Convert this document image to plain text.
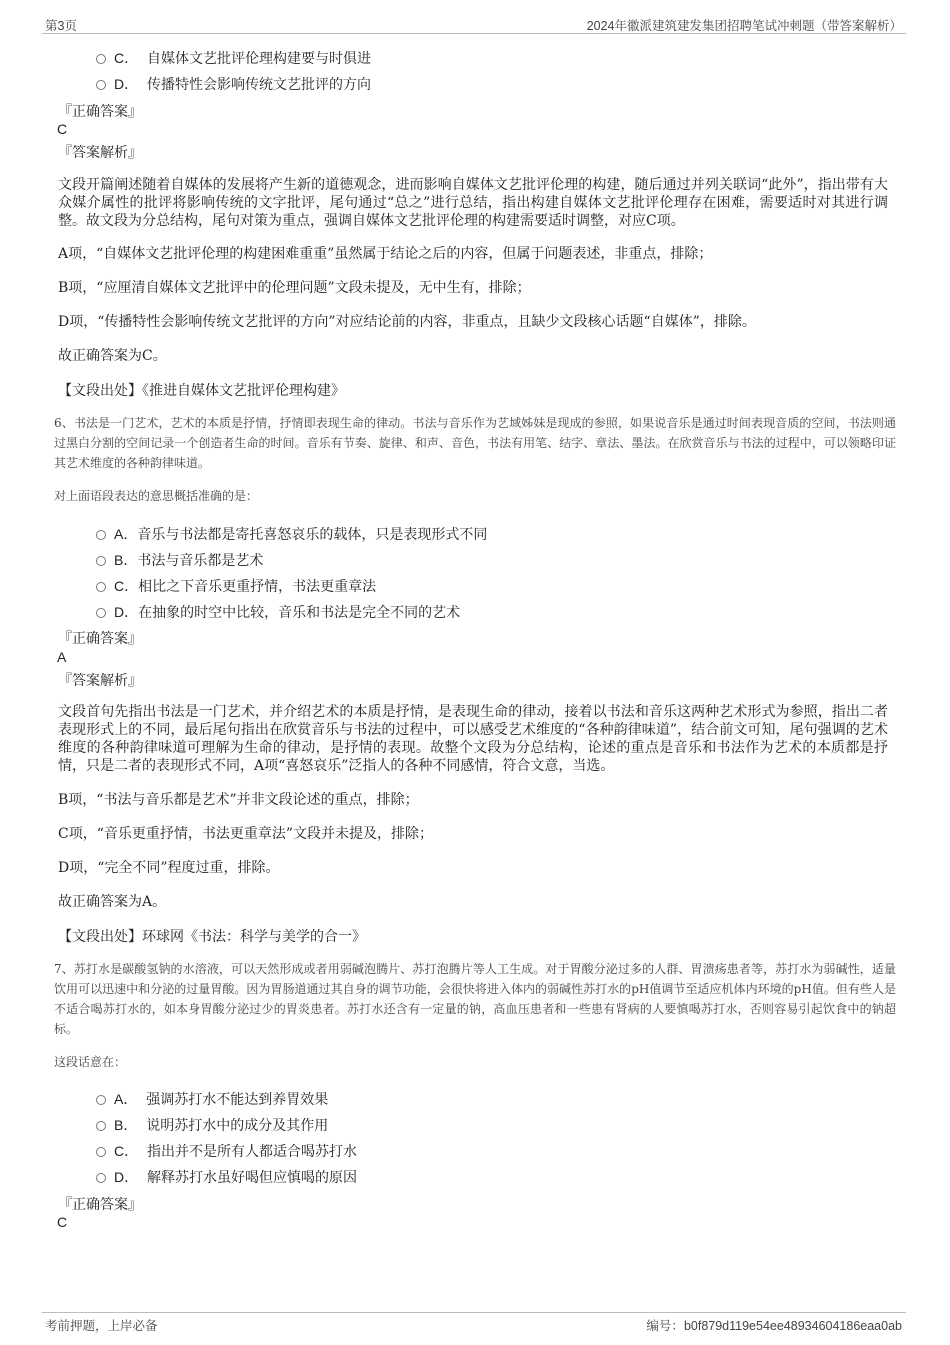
第3页	2024年徽派建筑建发集团招聘笔试冲刺题（带答案解析）
C． 自媒体文艺批评伦理构建要与时俱进
D． 传播特性会影响传统文艺批评的方向
『正确答案』
C
『答案解析』
文段开篇阐述随着自媒体的发展将产生新的道德观念，进而影响自媒体文艺批评伦理的构建，随后通过并列关联词“此外”，指出带有大众媒介属性的批评将影响传统的文字批评，尾句通过“总之”进行总结，指出构建自媒体文艺批评伦理存在困难，需要适时对其进行调整。故文段为分总结构，尾句对策为重点，强调自媒体文艺批评伦理的构建需要适时调整，对应C项。
A项，“自媒体文艺批评伦理的构建困难重重”虽然属于结论之后的内容，但属于问题表述，非重点，排除；
B项，“应厘清自媒体文艺批评中的伦理问题”文段未提及，无中生有，排除；
D项，“传播特性会影响传统文艺批评的方向”对应结论前的内容，非重点，且缺少文段核心话题“自媒体”，排除。
故正确答案为C。
【文段出处】《推进自媒体文艺批评伦理构建》
6、书法是一门艺术，艺术的本质是抒情，抒情即表现生命的律动。书法与音乐作为艺域姊妹是现成的参照，如果说音乐是通过时间表现音质的空间，书法则通过黑白分割的空间记录一个创造者生命的时间。音乐有节奏、旋律、和声、音色，书法有用笔、结字、章法、墨法。在欣赏音乐与书法的过程中，可以领略印证其艺术维度的各种韵律味道。
对上面语段表达的意思概括准确的是：
A．音乐与书法都是寄托喜怒哀乐的载体，只是表现形式不同
B．书法与音乐都是艺术
C．相比之下音乐更重抒情，书法更重章法
D．在抽象的时空中比较，音乐和书法是完全不同的艺术
『正确答案』
A
『答案解析』
文段首句先指出书法是一门艺术，并介绍艺术的本质是抒情，是表现生命的律动，接着以书法和音乐这两种艺术形式为参照，指出二者表现形式上的不同，最后尾句指出在欣赏音乐与书法的过程中，可以感受艺术维度的“各种韵律味道”，结合前文可知，尾句强调的艺术维度的各种韵律味道可理解为生命的律动，是抒情的表现。故整个文段为分总结构，论述的重点是音乐和书法作为艺术的本质都是抒情，只是二者的表现形式不同，A项“喜怒哀乐”泛指人的各种不同感情，符合文意，当选。
B项，“书法与音乐都是艺术”并非文段论述的重点，排除；
C项，“音乐更重抒情，书法更重章法”文段并未提及，排除；
D项，“完全不同”程度过重，排除。
故正确答案为A。
【文段出处】环球网《书法：科学与美学的合一》
7、苏打水是碳酸氢钠的水溶液，可以天然形成或者用弱碱泡腾片、苏打泡腾片等人工生成。对于胃酸分泌过多的人群、胃溃疡患者等，苏打水为弱碱性，适量饮用可以迅速中和分泌的过量胃酸。因为胃肠道通过其自身的调节功能，会很快将进入体内的弱碱性苏打水的pH值调节至适应机体内环境的pH值。但有些人是不适合喝苏打水的，如本身胃酸分泌过少的胃炎患者。苏打水还含有一定量的钠，高血压患者和一些患有肾病的人要慎喝苏打水，否则容易引起饮食中的钠超标。
这段话意在：
A． 强调苏打水不能达到养胃效果
B． 说明苏打水中的成分及其作用
C． 指出并不是所有人都适合喝苏打水
D． 解释苏打水虽好喝但应慎喝的原因
『正确答案』
C
考前押题，上岸必备	编号：b0f879d119e54ee48934604186eaa0ab
